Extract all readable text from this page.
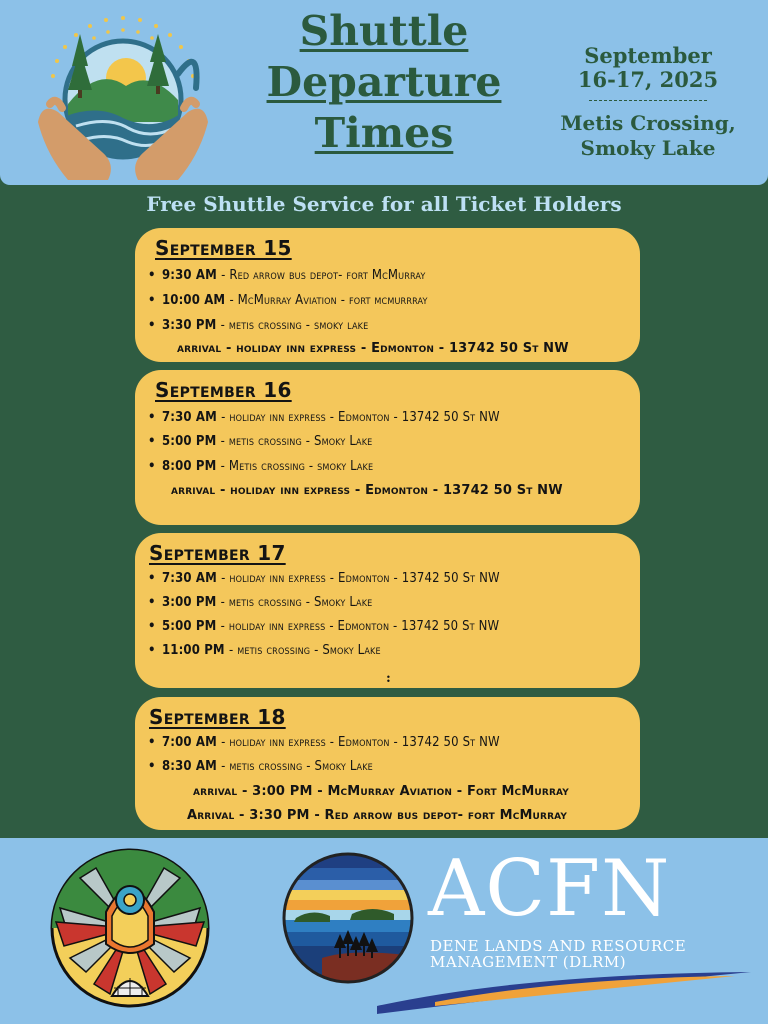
Shuttle
Departure
Times
September
16-17, 2025
Metis Crossing,
Smoky Lake
Free Shuttle Service for all Ticket Holders
September 15
• 9:30 AM - Red arrow bus depot- fort McMurray
• 10:00 AM - McMurray Aviation - fort mcmurrray
• 3:30 PM - metis crossing - smoky lake
arrival - holiday inn express - Edmonton - 13742 50 St NW
September 16
• 7:30 AM - holiday inn express - Edmonton - 13742 50 St NW
• 5:00 PM - metis crossing - Smoky Lake
• 8:00 PM - Metis crossing - smoky Lake
arrival - holiday inn express - Edmonton - 13742 50 St NW
September 17
• 7:30 AM - holiday inn express - Edmonton - 13742 50 St NW
• 3:00 PM - metis crossing - Smoky Lake
• 5:00 PM - holiday inn express - Edmonton - 13742 50 St NW
• 11:00 PM - metis crossing - Smoky Lake
:
September 18
• 7:00 AM - holiday inn express - Edmonton - 13742 50 St NW
• 8:30 AM - metis crossing - Smoky Lake
arrival - 3:00 PM - McMurray Aviation - Fort McMurray
Arrival - 3:30 PM - Red arrow bus depot- fort McMurray
ACFN
DENE LANDS AND RESOURCE
MANAGEMENT (DLRM)
